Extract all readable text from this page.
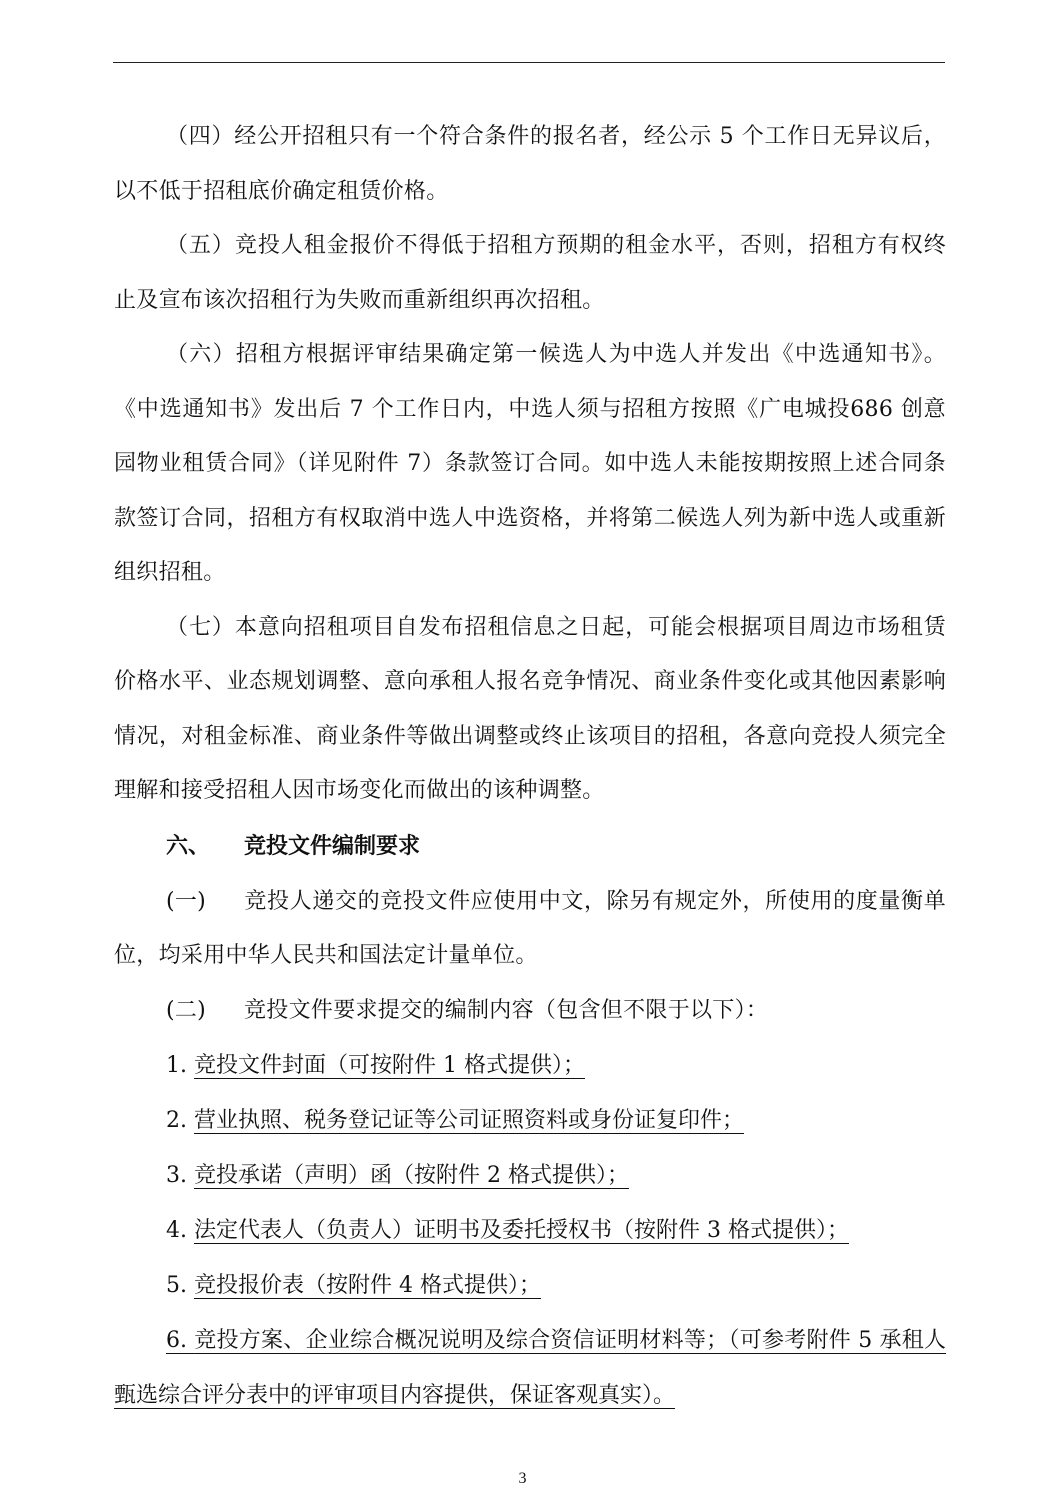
（四）经公开招租只有一个符合条件的报名者，经公示 5 个工作日无异议后，以不低于招租底价确定租赁价格。

（五）竞投人租金报价不得低于招租方预期的租金水平，否则，招租方有权终止及宣布该次招租行为失败而重新组织再次招租。

（六）招租方根据评审结果确定第一候选人为中选人并发出《中选通知书》。《中选通知书》发出后 7 个工作日内，中选人须与招租方按照《广电城投686 创意园物业租赁合同》（详见附件 7）条款签订合同。如中选人未能按期按照上述合同条款签订合同，招租方有权取消中选人中选资格，并将第二候选人列为新中选人或重新组织招租。

（七）本意向招租项目自发布招租信息之日起，可能会根据项目周边市场租赁价格水平、业态规划调整、意向承租人报名竞争情况、商业条件变化或其他因素影响情况，对租金标准、商业条件等做出调整或终止该项目的招租，各意向竞投人须完全理解和接受招租人因市场变化而做出的该种调整。

六、 竞投文件编制要求

(一) 竞投人递交的竞投文件应使用中文，除另有规定外，所使用的度量衡单位，均采用中华人民共和国法定计量单位。

(二) 竞投文件要求提交的编制内容（包含但不限于以下）：

1. 竞投文件封面（可按附件 1 格式提供）；

2. 营业执照、税务登记证等公司证照资料或身份证复印件；

3. 竞投承诺（声明）函（按附件 2 格式提供）；

4. 法定代表人（负责人）证明书及委托授权书（按附件 3 格式提供）；

5. 竞投报价表（按附件 4 格式提供）；

6. 竞投方案、企业综合概况说明及综合资信证明材料等；（可参考附件 5 承租人甄选综合评分表中的评审项目内容提供，保证客观真实）。

3
